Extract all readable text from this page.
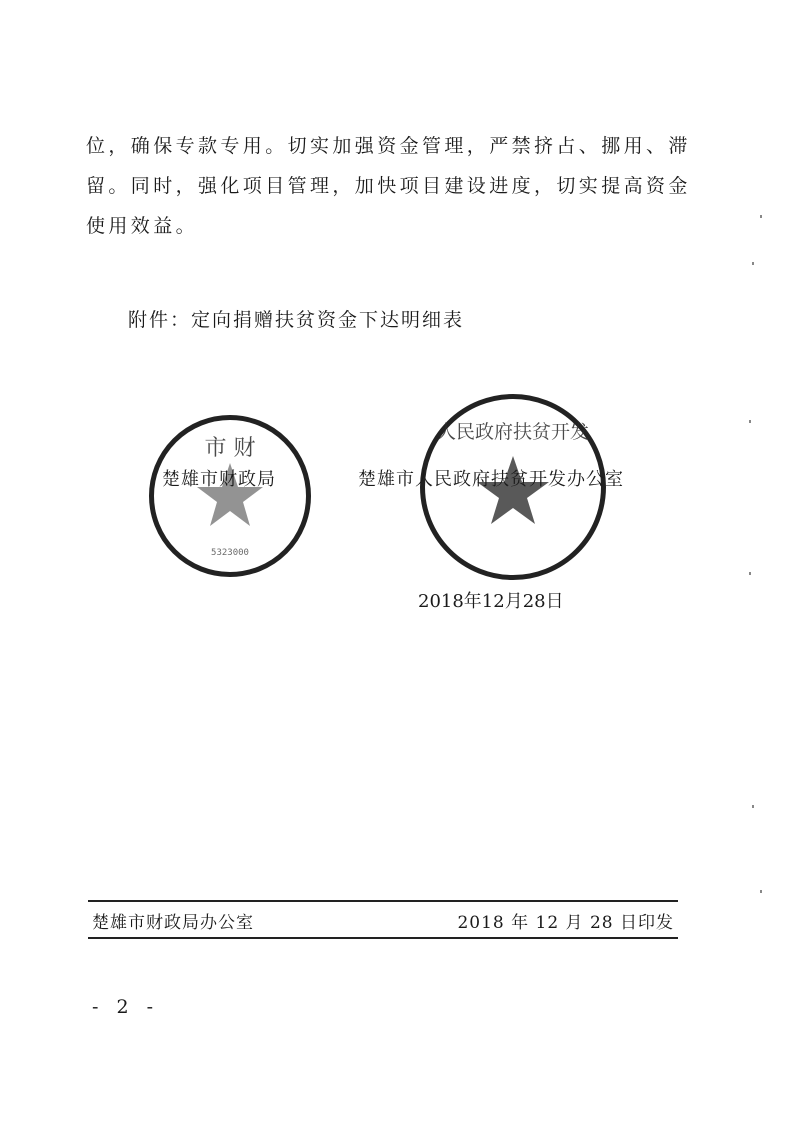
位，确保专款专用。切实加强资金管理，严禁挤占、挪用、滞
留。同时，强化项目管理，加快项目建设进度，切实提高资金
使用效益。

附件：定向捐赠扶贫资金下达明细表
市 财
5323000
人民政府扶贫开发
楚雄市财政局	楚雄市人民政府扶贫开发办公室
2018年12月28日
楚雄市财政局办公室	2018 年 12 月 28 日印发
- 2 -
